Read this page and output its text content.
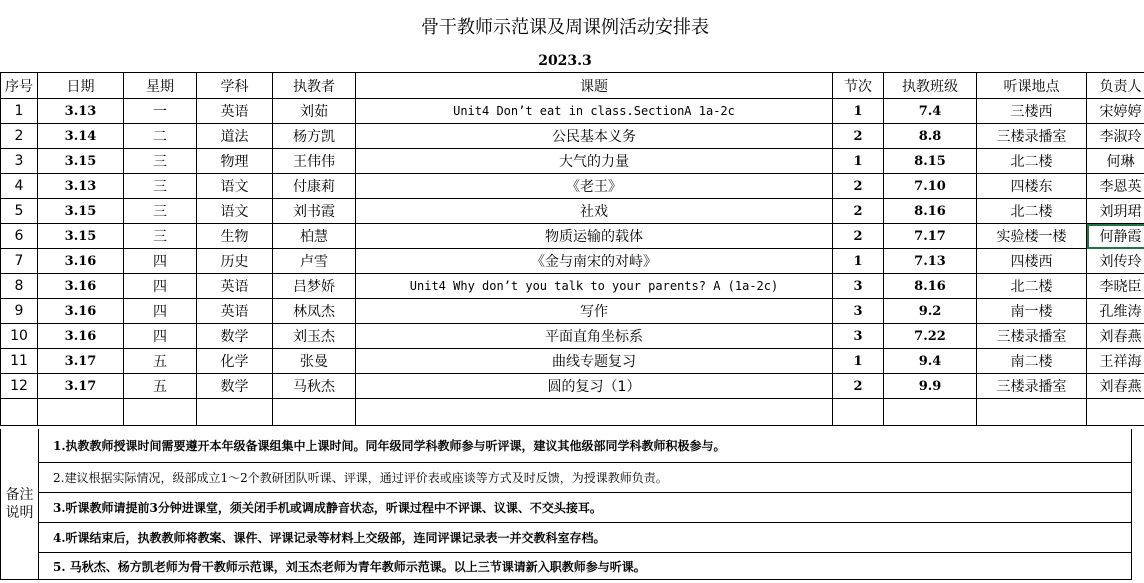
骨干教师示范课及周课例活动安排表
2023.3
序号	日期	星期	学科	执教者	课题	节次	执教班级	听课地点	负责人
1	3.13	一	英语	刘茹	Unit4 Don’t eat in class.SectionA 1a-2c	1	7.4	三楼西	宋婷婷
2	3.14	二	道法	杨方凯	公民基本义务	2	8.8	三楼录播室	李淑玲
3	3.15	三	物理	王伟伟	大气的力量	1	8.15	北二楼	何琳
4	3.13	三	语文	付康莉	《老王》	2	7.10	四楼东	李恩英
5	3.15	三	语文	刘书霞	社戏	2	8.16	北二楼	刘玥珺
6	3.15	三	生物	柏慧	物质运输的载体	2	7.17	实验楼一楼	何静霞
7	3.16	四	历史	卢雪	《金与南宋的对峙》	1	7.13	四楼西	刘传玲
8	3.16	四	英语	吕梦娇	Unit4 Why don’t you talk to your parents? A (1a-2c)	3	8.16	北二楼	李晓臣
9	3.16	四	英语	林凤杰	写作	3	9.2	南一楼	孔维涛
10	3.16	四	数学	刘玉杰	平面直角坐标系	3	7.22	三楼录播室	刘春燕
11	3.17	五	化学	张曼	曲线专题复习	1	9.4	南二楼	王祥海
12	3.17	五	数学	马秋杰	圆的复习（1）	2	9.9	三楼录播室	刘春燕

备注
说明
1.执教教师授课时间需要遵开本年级备课组集中上课时间。同年级同学科教师参与听评课，建议其他级部同学科教师积极参与。
2.建议根据实际情况，级部成立1～2个教研团队听课、评课，通过评价表或座谈等方式及时反馈，为授课教师负责。
3.听课教师请提前3分钟进课堂，须关闭手机或调成静音状态，听课过程中不评课、议课、不交头接耳。
4.听课结束后，执教教师将教案、课件、评课记录等材料上交级部，连同评课记录表一并交教科室存档。
5. 马秋杰、杨方凯老师为骨干教师示范课，刘玉杰老师为青年教师示范课。以上三节课请新入职教师参与听课。
